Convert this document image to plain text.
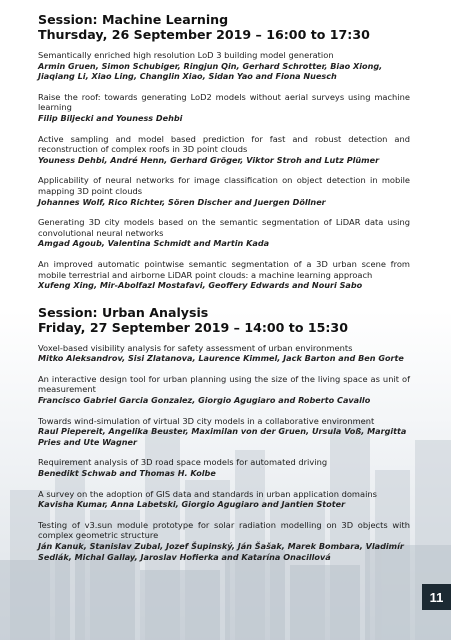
Session: Machine Learning
Thursday, 26 September 2019 – 16:00 to 17:30

Semantically enriched high resolution LoD 3 building model generation

Armin Gruen, Simon Schubiger, Ringjun Qin, Gerhard Schrotter, Biao Xiong, Jiaqiang Li, Xiao Ling, Changlin Xiao, Sidan Yao and Fiona Nuesch

Raise the roof: towards generating LoD2 models without aerial surveys using machine learning

Filip Biljecki and Youness Dehbi

Active sampling and model based prediction for fast and robust detection and reconstruction of complex roofs in 3D point clouds

Youness Dehbi, André Henn, Gerhard Gröger, Viktor Stroh and Lutz Plümer

Applicability of neural networks for image classification on object detection in mobile mapping 3D point clouds

Johannes Wolf, Rico Richter, Sören Discher and Juergen Döllner

Generating 3D city models based on the semantic segmentation of LiDAR data using convolutional neural networks

Amgad Agoub, Valentina Schmidt and Martin Kada

An improved automatic pointwise semantic segmentation of a 3D urban scene from mobile terrestrial and airborne LiDAR point clouds: a machine learning approach

Xufeng Xing, Mir-Abolfazl Mostafavi, Geoffery Edwards and Nouri Sabo

Session: Urban Analysis
Friday, 27 September 2019 – 14:00 to 15:30

Voxel-based visibility analysis for safety assessment of urban environments

Mitko Aleksandrov, Sisi Zlatanova, Laurence Kimmel, Jack Barton and Ben Gorte

An interactive design tool for urban planning using the size of the living space as unit of measurement

Francisco Gabriel Garcia Gonzalez, Giorgio Agugiaro and Roberto Cavallo

Towards wind-simulation of virtual 3D city models in a collaborative environment

Raul Piepereit, Angelika Beuster, Maximilan von der Gruen, Ursula Voß, Margitta Pries and Ute Wagner

Requirement analysis of 3D road space models for automated driving

Benedikt Schwab and Thomas H. Kolbe

A survey on the adoption of GIS data and standards in urban application domains

Kavisha Kumar, Anna Labetski, Giorgio Agugiaro and Jantien Stoter

Testing of v3.sun module prototype for solar radiation modelling on 3D objects with complex geometric structure

Ján Kanuk, Stanislav Zubal, Jozef Šupinský, Ján Šašak, Marek Bombara, Vladimír Sedlák, Michal Gallay, Jaroslav Hofierka and Katarína Onacillová

11
